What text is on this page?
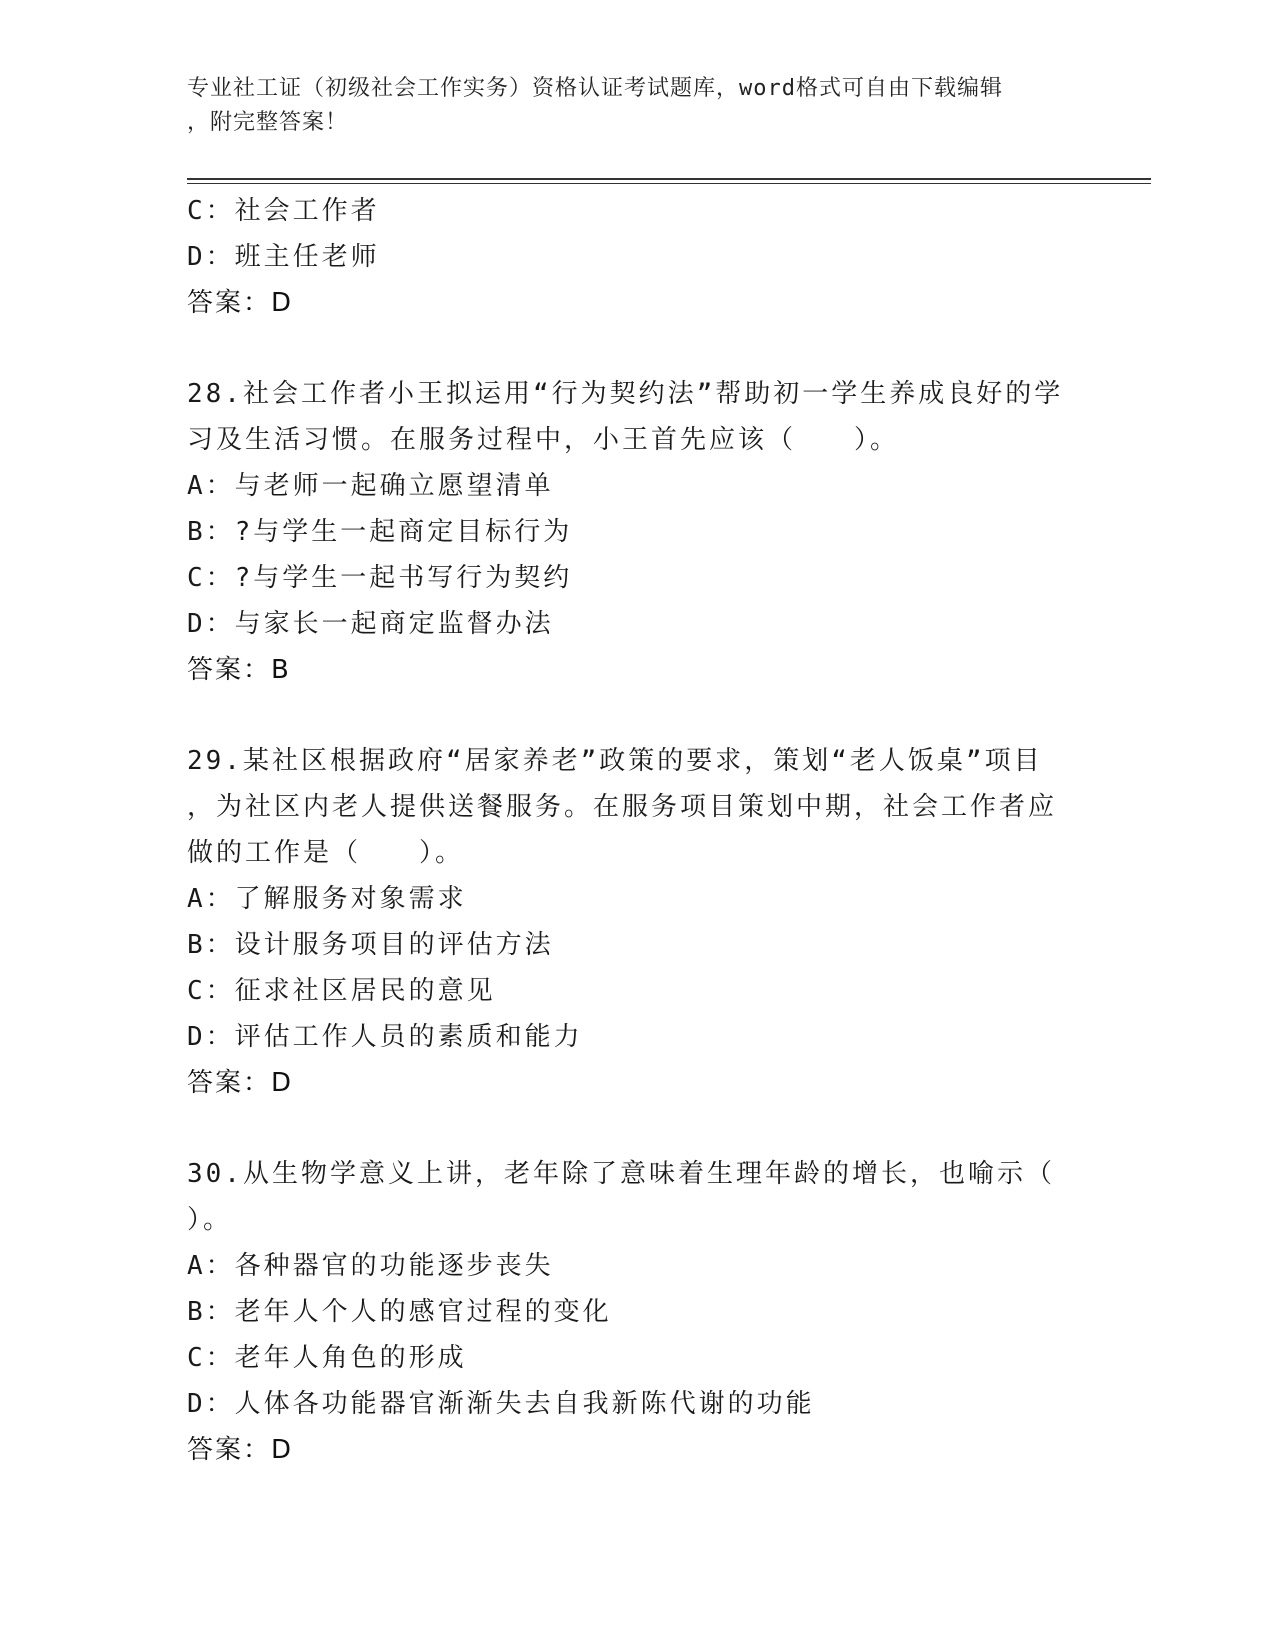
专业社工证（初级社会工作实务）资格认证考试题库，word格式可自由下载编辑
，附完整答案！
C：社会工作者
D：班主任老师
答案：D
28.社会工作者小王拟运用“行为契约法”帮助初一学生养成良好的学
习及生活习惯。在服务过程中，小王首先应该（　　）。
A：与老师一起确立愿望清单
B：?与学生一起商定目标行为
C：?与学生一起书写行为契约
D：与家长一起商定监督办法
答案：B
29.某社区根据政府“居家养老”政策的要求，策划“老人饭桌”项目
，为社区内老人提供送餐服务。在服务项目策划中期，社会工作者应
做的工作是（　　）。
A：了解服务对象需求
B：设计服务项目的评估方法
C：征求社区居民的意见
D：评估工作人员的素质和能力
答案：D
30.从生物学意义上讲，老年除了意味着生理年龄的增长，也喻示（
）。
A：各种器官的功能逐步丧失
B：老年人个人的感官过程的变化
C：老年人角色的形成
D：人体各功能器官渐渐失去自我新陈代谢的功能
答案：D
